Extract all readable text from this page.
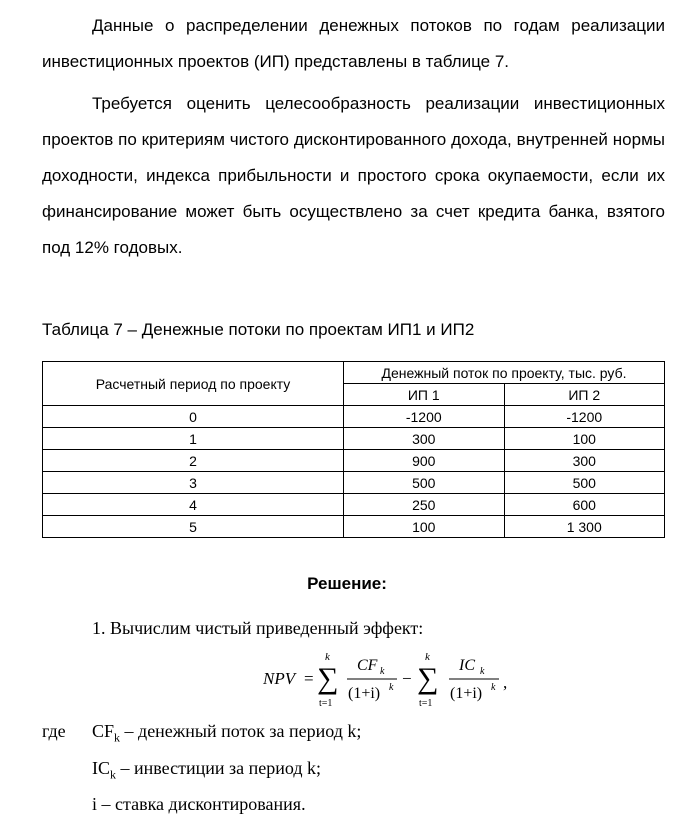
Данные о распределении денежных потоков по годам реализации инвестиционных проектов (ИП) представлены в таблице 7.

Требуется оценить целесообразность реализации инвестиционных проектов по критериям чистого дисконтированного дохода, внутренней нормы доходности, индекса прибыльности и простого срока окупаемости, если их финансирование может быть осуществлено за счет кредита банка, взятого под 12% годовых.

Таблица 7 – Денежные потоки по проектам ИП1 и ИП2

Расчетный период по проекту	Денежный поток по проекту, тыс. руб.	
	ИП 1	ИП 2
0	-1200	-1200
1	300	100
2	900	300
3	500	500
4	250	600
5	100	1 300

Решение:

1. Вычислим чистый приведенный эффект:

NPV =
k
∑
t=1
CF k
(1+i) k −
k
∑
t=1
IC k
(1+i) k ,
где $CF_k$ – денежный поток за период k;
$IC_k$ – инвестиции за период k;
i – ставка дисконтирования.
